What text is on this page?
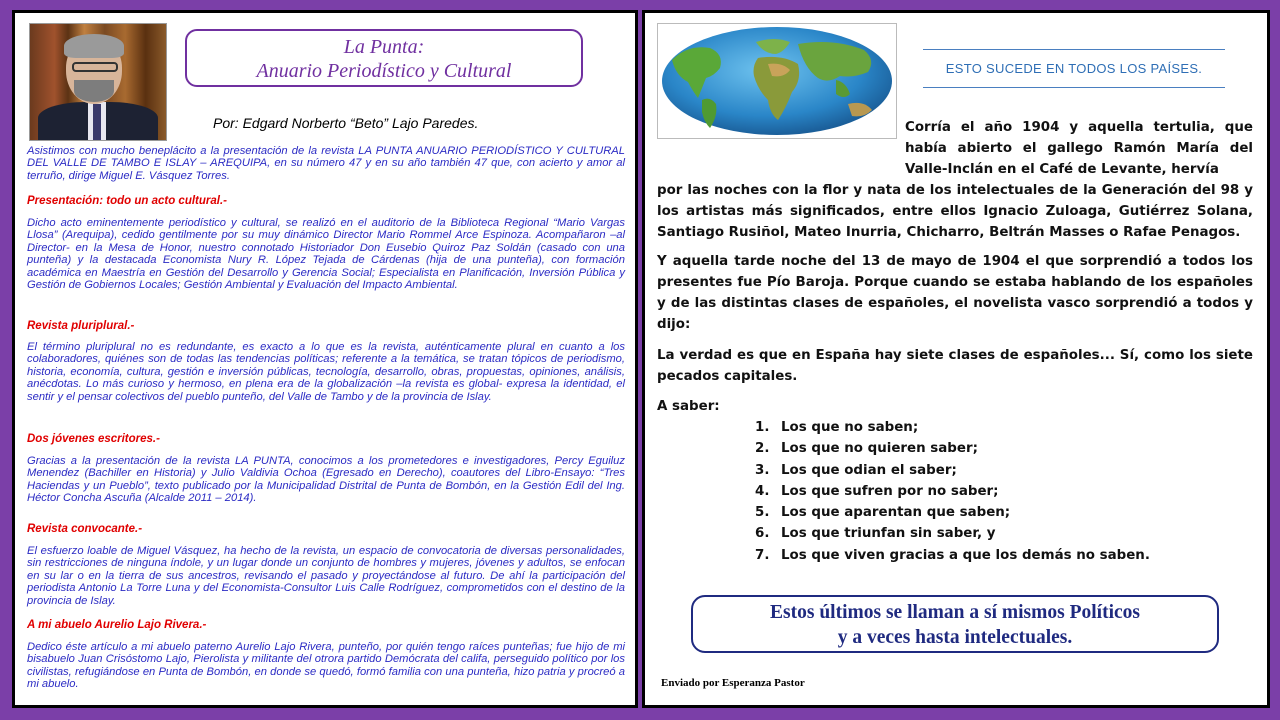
La Punta:
Anuario Periodístico y Cultural
Por: Edgard Norberto “Beto” Lajo Paredes.

Asistimos con mucho beneplácito a la presentación de la revista LA PUNTA ANUARIO PERIODÍSTICO Y CULTURAL DEL VALLE DE TAMBO E ISLAY – AREQUIPA, en su número 47 y en su año también 47 que, con acierto y amor al terruño, dirige Miguel E. Vásquez Torres.

Presentación: todo un acto cultural.-

Dicho acto eminentemente periodístico y cultural, se realizó en el auditorio de la Biblioteca Regional “Mario Vargas Llosa” (Arequipa), cedido gentilmente por su muy dinámico Director Mario Rommel Arce Espinoza. Acompañaron –al Director- en la Mesa de Honor, nuestro connotado Historiador Don Eusebio Quiroz Paz Soldán (casado con una punteña) y la destacada Economista Nury R. López Tejada de Cárdenas (hija de una punteña), con formación académica en Maestría en Gestión del Desarrollo y Gerencia Social; Especialista en Planificación, Inversión Pública y Gestión de Gobiernos Locales; Gestión Ambiental y Evaluación del Impacto Ambiental.

Revista pluriplural.-

El término pluriplural no es redundante, es exacto a lo que es la revista, auténticamente plural en cuanto a los colaboradores, quiénes son de todas las tendencias políticas; referente a la temática, se tratan tópicos de periodismo, historia, economía, cultura, gestión e inversión públicas, tecnología, desarrollo, obras, propuestas, opiniones, análisis, anécdotas. Lo más curioso y hermoso, en plena era de la globalización –la revista es global- expresa la identidad, el sentir y el pensar colectivos del pueblo punteño, del Valle de Tambo y de la provincia de Islay.

Dos jóvenes escritores.-

Gracias a la presentación de la revista LA PUNTA, conocimos a los prometedores e investigadores, Percy Eguiluz Menendez (Bachiller en Historia) y Julio Valdivia Ochoa (Egresado en Derecho), coautores del Libro-Ensayo: “Tres Haciendas y un Pueblo”, texto publicado por la Municipalidad Distrital de Punta de Bombón, en la Gestión Edil del Ing. Héctor Concha Ascuña (Alcalde 2011 – 2014).

Revista convocante.-

El esfuerzo loable de Miguel Vásquez, ha hecho de la revista, un espacio de convocatoria de diversas personalidades, sin restricciones de ninguna índole, y un lugar donde un conjunto de hombres y mujeres, jóvenes y adultos, se enfocan en su lar o en la tierra de sus ancestros, revisando el pasado y proyectándose al futuro. De ahí la participación del periodista Antonio La Torre Luna y del Economista-Consultor Luis Calle Rodríguez, comprometidos con el destino de la provincia de Islay.

A mi abuelo Aurelio Lajo Rivera.-

Dedico éste artículo a mi abuelo paterno Aurelio Lajo Rivera, punteño, por quién tengo raíces punteñas; fue hijo de mi bisabuelo Juan Crisóstomo Lajo, Pierolista y militante del otrora partido Demócrata del califa, perseguido político por los civilistas, refugiándose en Punta de Bombón, en donde se quedó, formó familia con una punteña, hizo patria y procreó a mi abuelo.

ESTO SUCEDE EN TODOS LOS PAÍSES.

Corría el año 1904 y aquella tertulia, que había abierto el gallego Ramón María del Valle-Inclán en el Café de Levante, hervía

por las noches con la flor y nata de los intelectuales de la Generación del 98 y los artistas más significados, entre ellos Ignacio Zuloaga, Gutiérrez Solana, Santiago Rusiñol, Mateo Inurria, Chicharro, Beltrán Masses o Rafae Penagos.

Y aquella tarde noche del 13 de mayo de 1904 el que sorprendió a todos los presentes fue Pío Baroja. Porque cuando se estaba hablando de los españoles y de las distintas clases de españoles, el novelista vasco sorprendió a todos y dijo:

La verdad es que en España hay siete clases de españoles... Sí, como los siete pecados capitales.

A saber:

1. Los que no saben;
2. Los que no quieren saber;
3. Los que odian el saber;
4. Los que sufren por no saber;
5. Los que aparentan que saben;
6. Los que triunfan sin saber, y
7. Los que viven gracias a que los demás no saben.
Estos últimos se llaman a sí mismos Políticos
y a veces hasta intelectuales.
Enviado por Esperanza Pastor
